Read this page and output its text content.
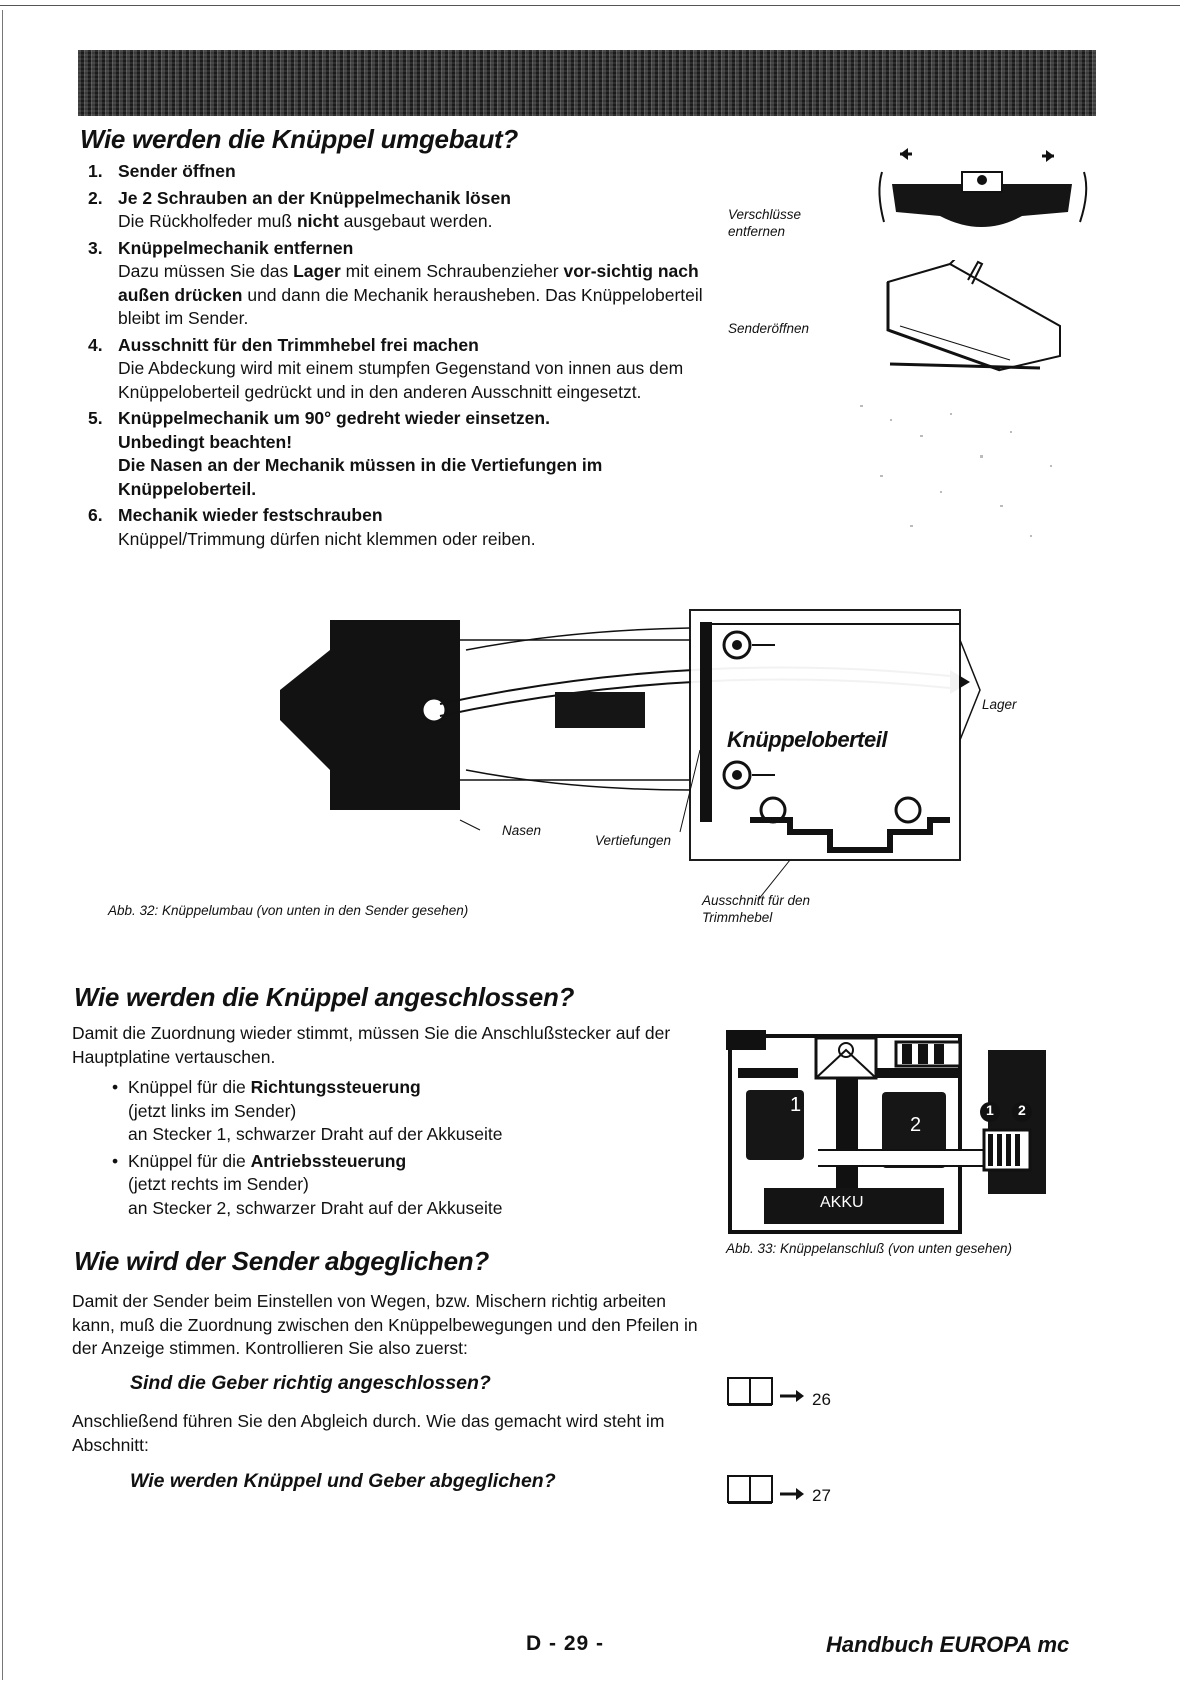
Wie werden die Knüppel umgebaut?
1. Sender öffnen
2. Je 2 Schrauben an der Knüppelmechanik lösen
Die Rückholfeder muß nicht ausgebaut werden.
3. Knüppelmechanik entfernen
Dazu müssen Sie das Lager mit einem Schraubenzieher vor-sichtig nach außen drücken und dann die Mechanik herausheben. Das Knüppeloberteil bleibt im Sender.
4. Ausschnitt für den Trimmhebel frei machen
Die Abdeckung wird mit einem stumpfen Gegenstand von innen aus dem Knüppeloberteil gedrückt und in den anderen Ausschnitt eingesetzt.
5. Knüppelmechanik um 90° gedreht wieder einsetzen.
Unbedingt beachten!
Die Nasen an der Mechanik müssen in die Vertiefungen im Knüppeloberteil.
6. Mechanik wieder festschrauben
Knüppel/Trimmung dürfen nicht klemmen oder reiben.
Verschlüsse entfernen
Senderöffnen
Knüppeloberteil
Lager
Nasen
Vertiefungen
Ausschnitt für den Trimmhebel
Abb. 32: Knüppelumbau (von unten in den Sender gesehen)
Wie werden die Knüppel angeschlossen?
Damit die Zuordnung wieder stimmt, müssen Sie die Anschlußstecker auf der Hauptplatine vertauschen.
• Knüppel für die Richtungssteuerung
(jetzt links im Sender)
an Stecker 1, schwarzer Draht auf der Akkuseite
• Knüppel für die Antriebssteuerung
(jetzt rechts im Sender)
an Stecker 2, schwarzer Draht auf der Akkuseite
1
2
AKKU
1 2
Abb. 33: Knüppelanschluß (von unten gesehen)
Wie wird der Sender abgeglichen?
Damit der Sender beim Einstellen von Wegen, bzw. Mischern richtig arbeiten kann, muß die Zuordnung zwischen den Knüppelbewegungen und den Pfeilen in der Anzeige stimmen. Kontrollieren Sie also zuerst:
Sind die Geber richtig angeschlossen?
Anschließend führen Sie den Abgleich durch. Wie das gemacht wird steht im Abschnitt:
Wie werden Knüppel und Geber abgeglichen?
26
27
D - 29 -	Handbuch EUROPA mc
